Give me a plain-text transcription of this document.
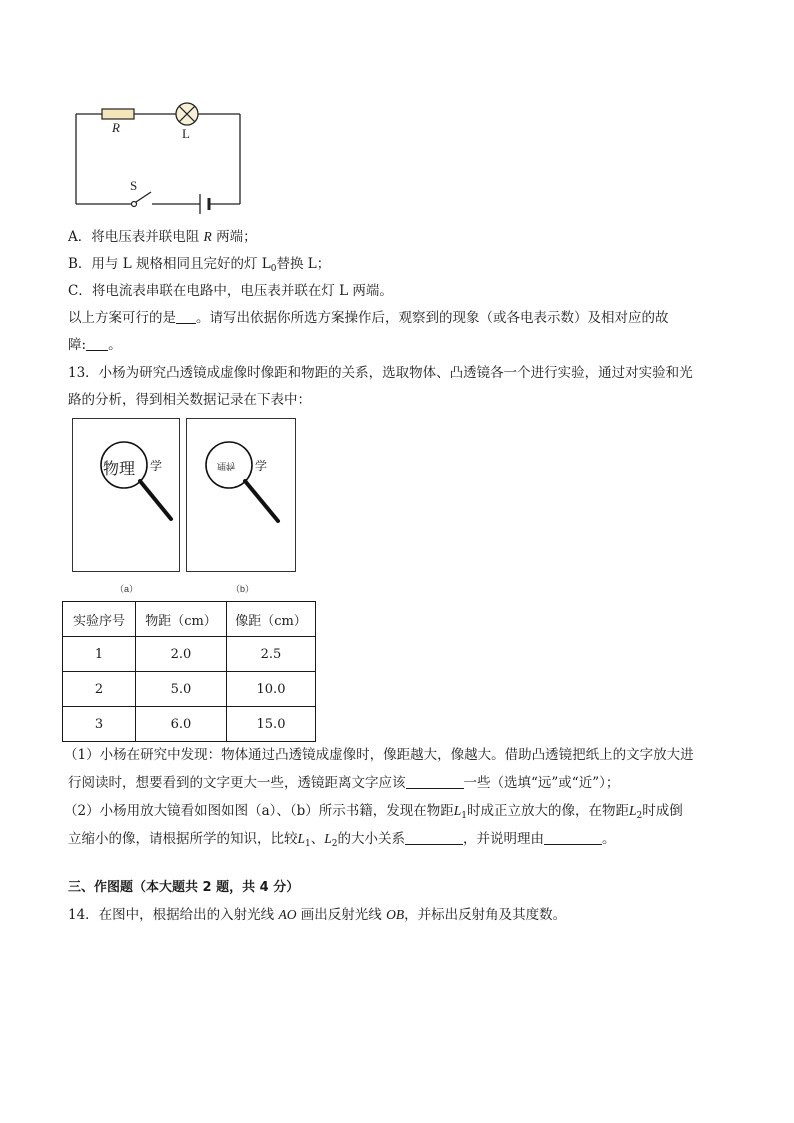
R	L
S
A．将电压表并联电阻 R 两端；
B．用与 L 规格相同且完好的灯 $L_0$替换 L；
C．将电流表串联在电路中，电压表并联在灯 L 两端。
以上方案可行的是 。请写出依据你所选方案操作后，观察到的现象（或各电表示数）及相对应的故
障: 。
13．小杨为研究凸透镜成虚像时像距和物距的关系，选取物体、凸透镜各一个进行实验，通过对实验和光
路的分析，得到相关数据记录在下表中：
物理 学
（a）
理物 学
（b）
实验序号	物距（cm）	像距（cm）
1	2.0	2.5
2	5.0	10.0
3	6.0	15.0
（1）小杨在研究中发现：物体通过凸透镜成虚像时，像距越大，像越大。借助凸透镜把纸上的文字放大进
行阅读时，想要看到的文字更大一些，透镜距离文字应该	一些（选填“远”或“近”）；
（2）小杨用放大镜看如图如图（a）、（b）所示书籍，发现在物距$L_1$时成正立放大的像，在物距$L_2$时成倒
立缩小的像，请根据所学的知识，比较$L_1$、$L_2$的大小关系	，并说明理由	。
三、作图题（本大题共 2 题，共 4 分）
14．在图中，根据给出的入射光线 AO 画出反射光线 OB，并标出反射角及其度数。
